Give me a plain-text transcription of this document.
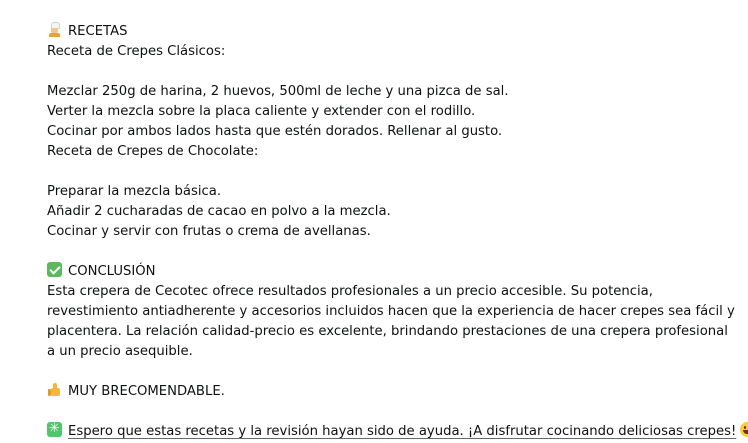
RECETAS
Receta de Crepes Clásicos:
Mezclar 250g de harina, 2 huevos, 500ml de leche y una pizca de sal.
Verter la mezcla sobre la placa caliente y extender con el rodillo.
Cocinar por ambos lados hasta que estén dorados. Rellenar al gusto.
Receta de Crepes de Chocolate:
Preparar la mezcla básica.
Añadir 2 cucharadas de cacao en polvo a la mezcla.
Cocinar y servir con frutas o crema de avellanas.
CONCLUSIÓN
Esta crepera de Cecotec ofrece resultados profesionales a un precio accesible. Su potencia, revestimiento antiadherente y accesorios incluidos hacen que la experiencia de hacer crepes sea fácil y placentera. La relación calidad-precio es excelente, brindando prestaciones de una crepera profesional a un precio asequible.
MUY BRECOMENDABLE.
✳Espero que estas recetas y la revisión hayan sido de ayuda. ¡A disfrutar cocinando deliciosas crepes!
